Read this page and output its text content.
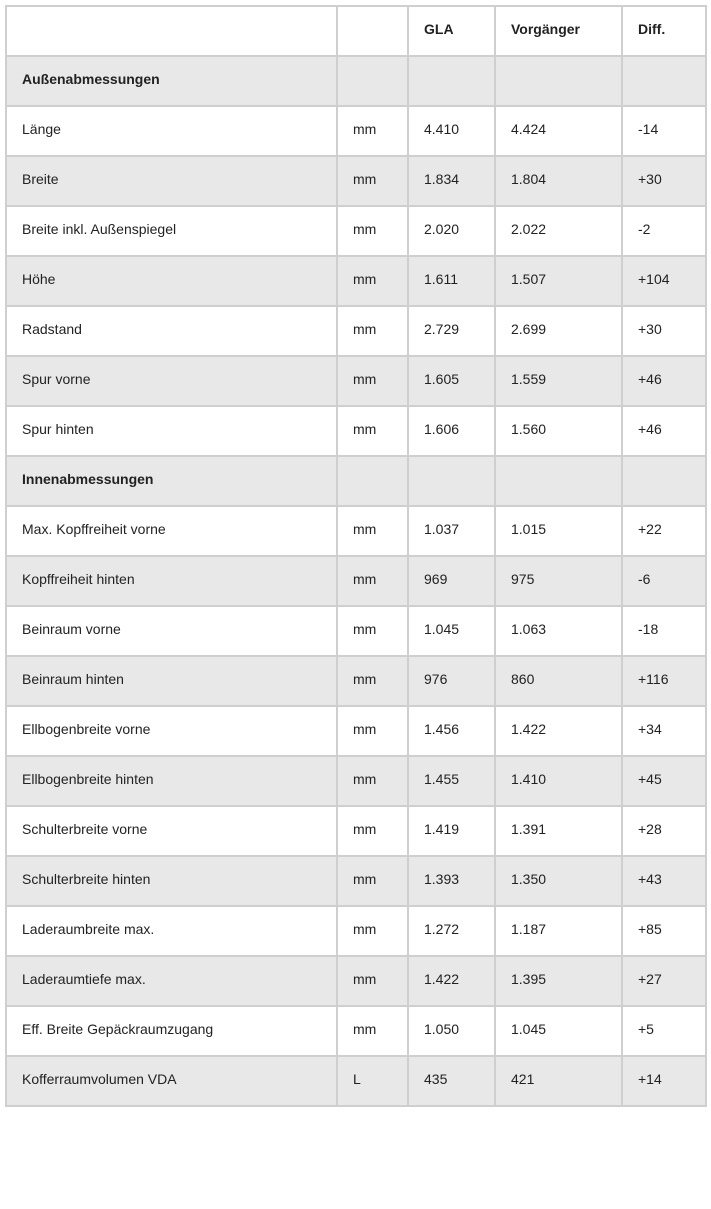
		GLA	Vorgänger	Diff.

Außenabmessungen				

Länge	mm	4.410	4.424	-14

Breite	mm	1.834	1.804	+30

Breite inkl. Außenspiegel	mm	2.020	2.022	-2

Höhe	mm	1.611	1.507	+104

Radstand	mm	2.729	2.699	+30

Spur vorne	mm	1.605	1.559	+46

Spur hinten	mm	1.606	1.560	+46

Innenabmessungen				

Max. Kopffreiheit vorne	mm	1.037	1.015	+22

Kopffreiheit hinten	mm	969	975	-6

Beinraum vorne	mm	1.045	1.063	-18

Beinraum hinten	mm	976	860	+116

Ellbogenbreite vorne	mm	1.456	1.422	+34

Ellbogenbreite hinten	mm	1.455	1.410	+45

Schulterbreite vorne	mm	1.419	1.391	+28

Schulterbreite hinten	mm	1.393	1.350	+43

Laderaumbreite max.	mm	1.272	1.187	+85

Laderaumtiefe max.	mm	1.422	1.395	+27

Eff. Breite Gepäckraumzugang	mm	1.050	1.045	+5

Kofferraumvolumen VDA	L	435	421	+14
